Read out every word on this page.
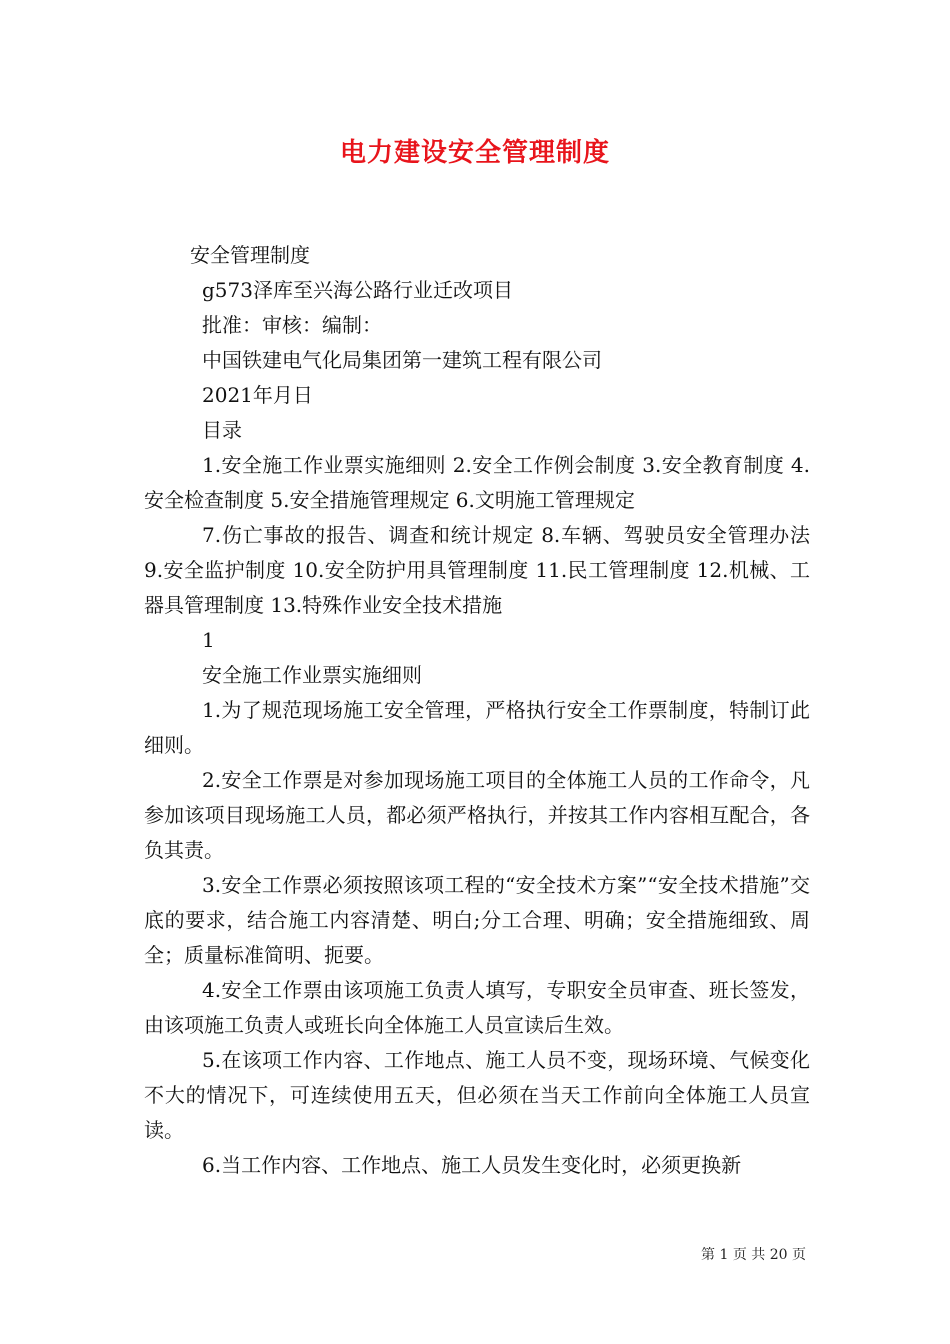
电力建设安全管理制度

安全管理制度

g573泽库至兴海公路行业迁改项目

批准：审核：编制：

中国铁建电气化局集团第一建筑工程有限公司

2021年月日

目录

1.安全施工作业票实施细则 2.安全工作例会制度 3.安全教育制度 4.安全检查制度 5.安全措施管理规定 6.文明施工管理规定

7.伤亡事故的报告、调查和统计规定 8.车辆、驾驶员安全管理办法 9.安全监护制度 10.安全防护用具管理制度 11.民工管理制度 12.机械、工器具管理制度 13.特殊作业安全技术措施

1

安全施工作业票实施细则

1.为了规范现场施工安全管理，严格执行安全工作票制度，特制订此细则。

2.安全工作票是对参加现场施工项目的全体施工人员的工作命令，凡参加该项目现场施工人员，都必须严格执行，并按其工作内容相互配合，各负其责。

3.安全工作票必须按照该项工程的“安全技术方案”“安全技术措施”交底的要求，结合施工内容清楚、明白;分工合理、明确；安全措施细致、周全；质量标准简明、扼要。

4.安全工作票由该项施工负责人填写，专职安全员审查、班长签发，由该项施工负责人或班长向全体施工人员宣读后生效。

5.在该项工作内容、工作地点、施工人员不变，现场环境、气候变化不大的情况下，可连续使用五天，但必须在当天工作前向全体施工人员宣读。

6.当工作内容、工作地点、施工人员发生变化时，必须更换新

第 1 页 共 20 页
